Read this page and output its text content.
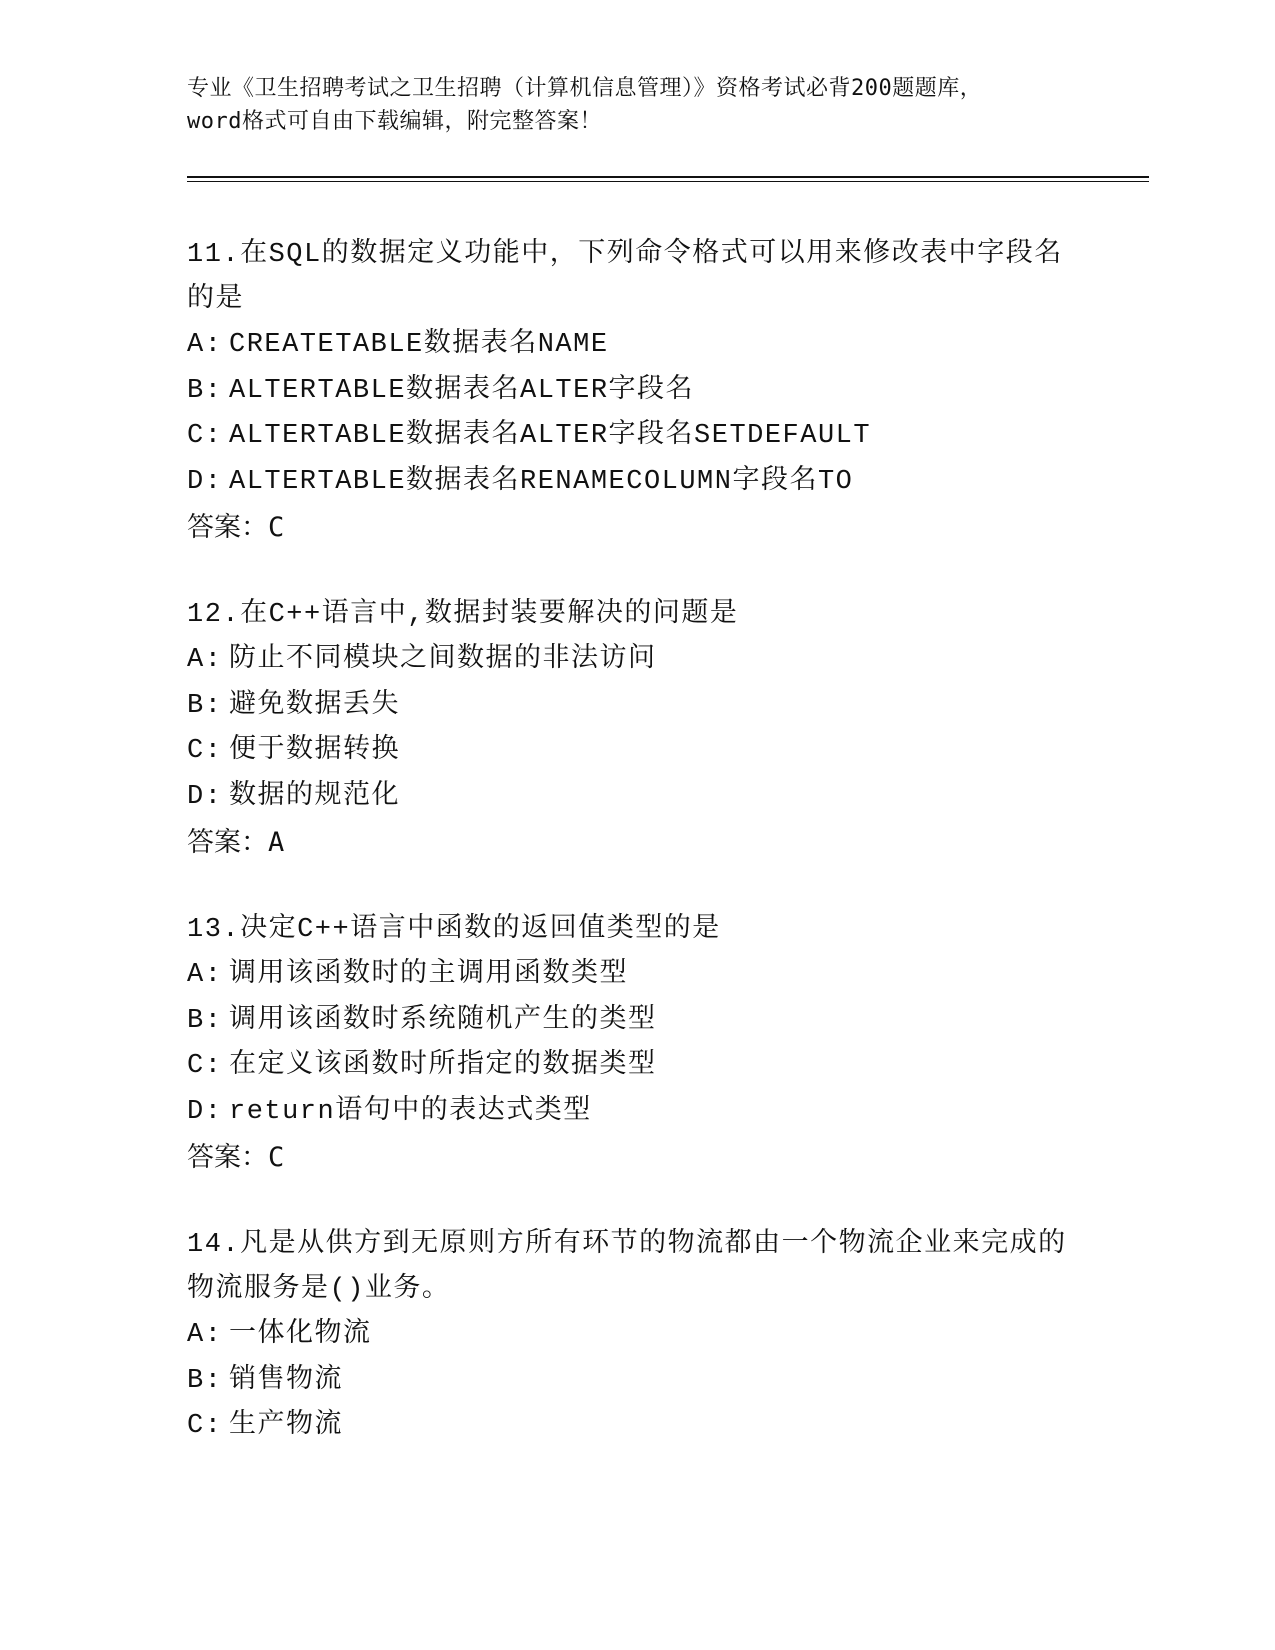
专业《卫生招聘考试之卫生招聘（计算机信息管理）》资格考试必背200题题库，
word格式可自由下载编辑，附完整答案！
11.在SQL的数据定义功能中，下列命令格式可以用来修改表中字段名
的是
A: CREATETABLE数据表名NAME
B: ALTERTABLE数据表名ALTER字段名
C: ALTERTABLE数据表名ALTER字段名SETDEFAULT
D: ALTERTABLE数据表名RENAMECOLUMN字段名TO
答案：C
12.在C++语言中,数据封装要解决的问题是
A: 防止不同模块之间数据的非法访问
B: 避免数据丢失
C: 便于数据转换
D: 数据的规范化
答案：A
13.决定C++语言中函数的返回值类型的是
A: 调用该函数时的主调用函数类型
B: 调用该函数时系统随机产生的类型
C: 在定义该函数时所指定的数据类型
D: return语句中的表达式类型
答案：C
14.凡是从供方到无原则方所有环节的物流都由一个物流企业来完成的
物流服务是()业务。
A: 一体化物流
B: 销售物流
C: 生产物流
